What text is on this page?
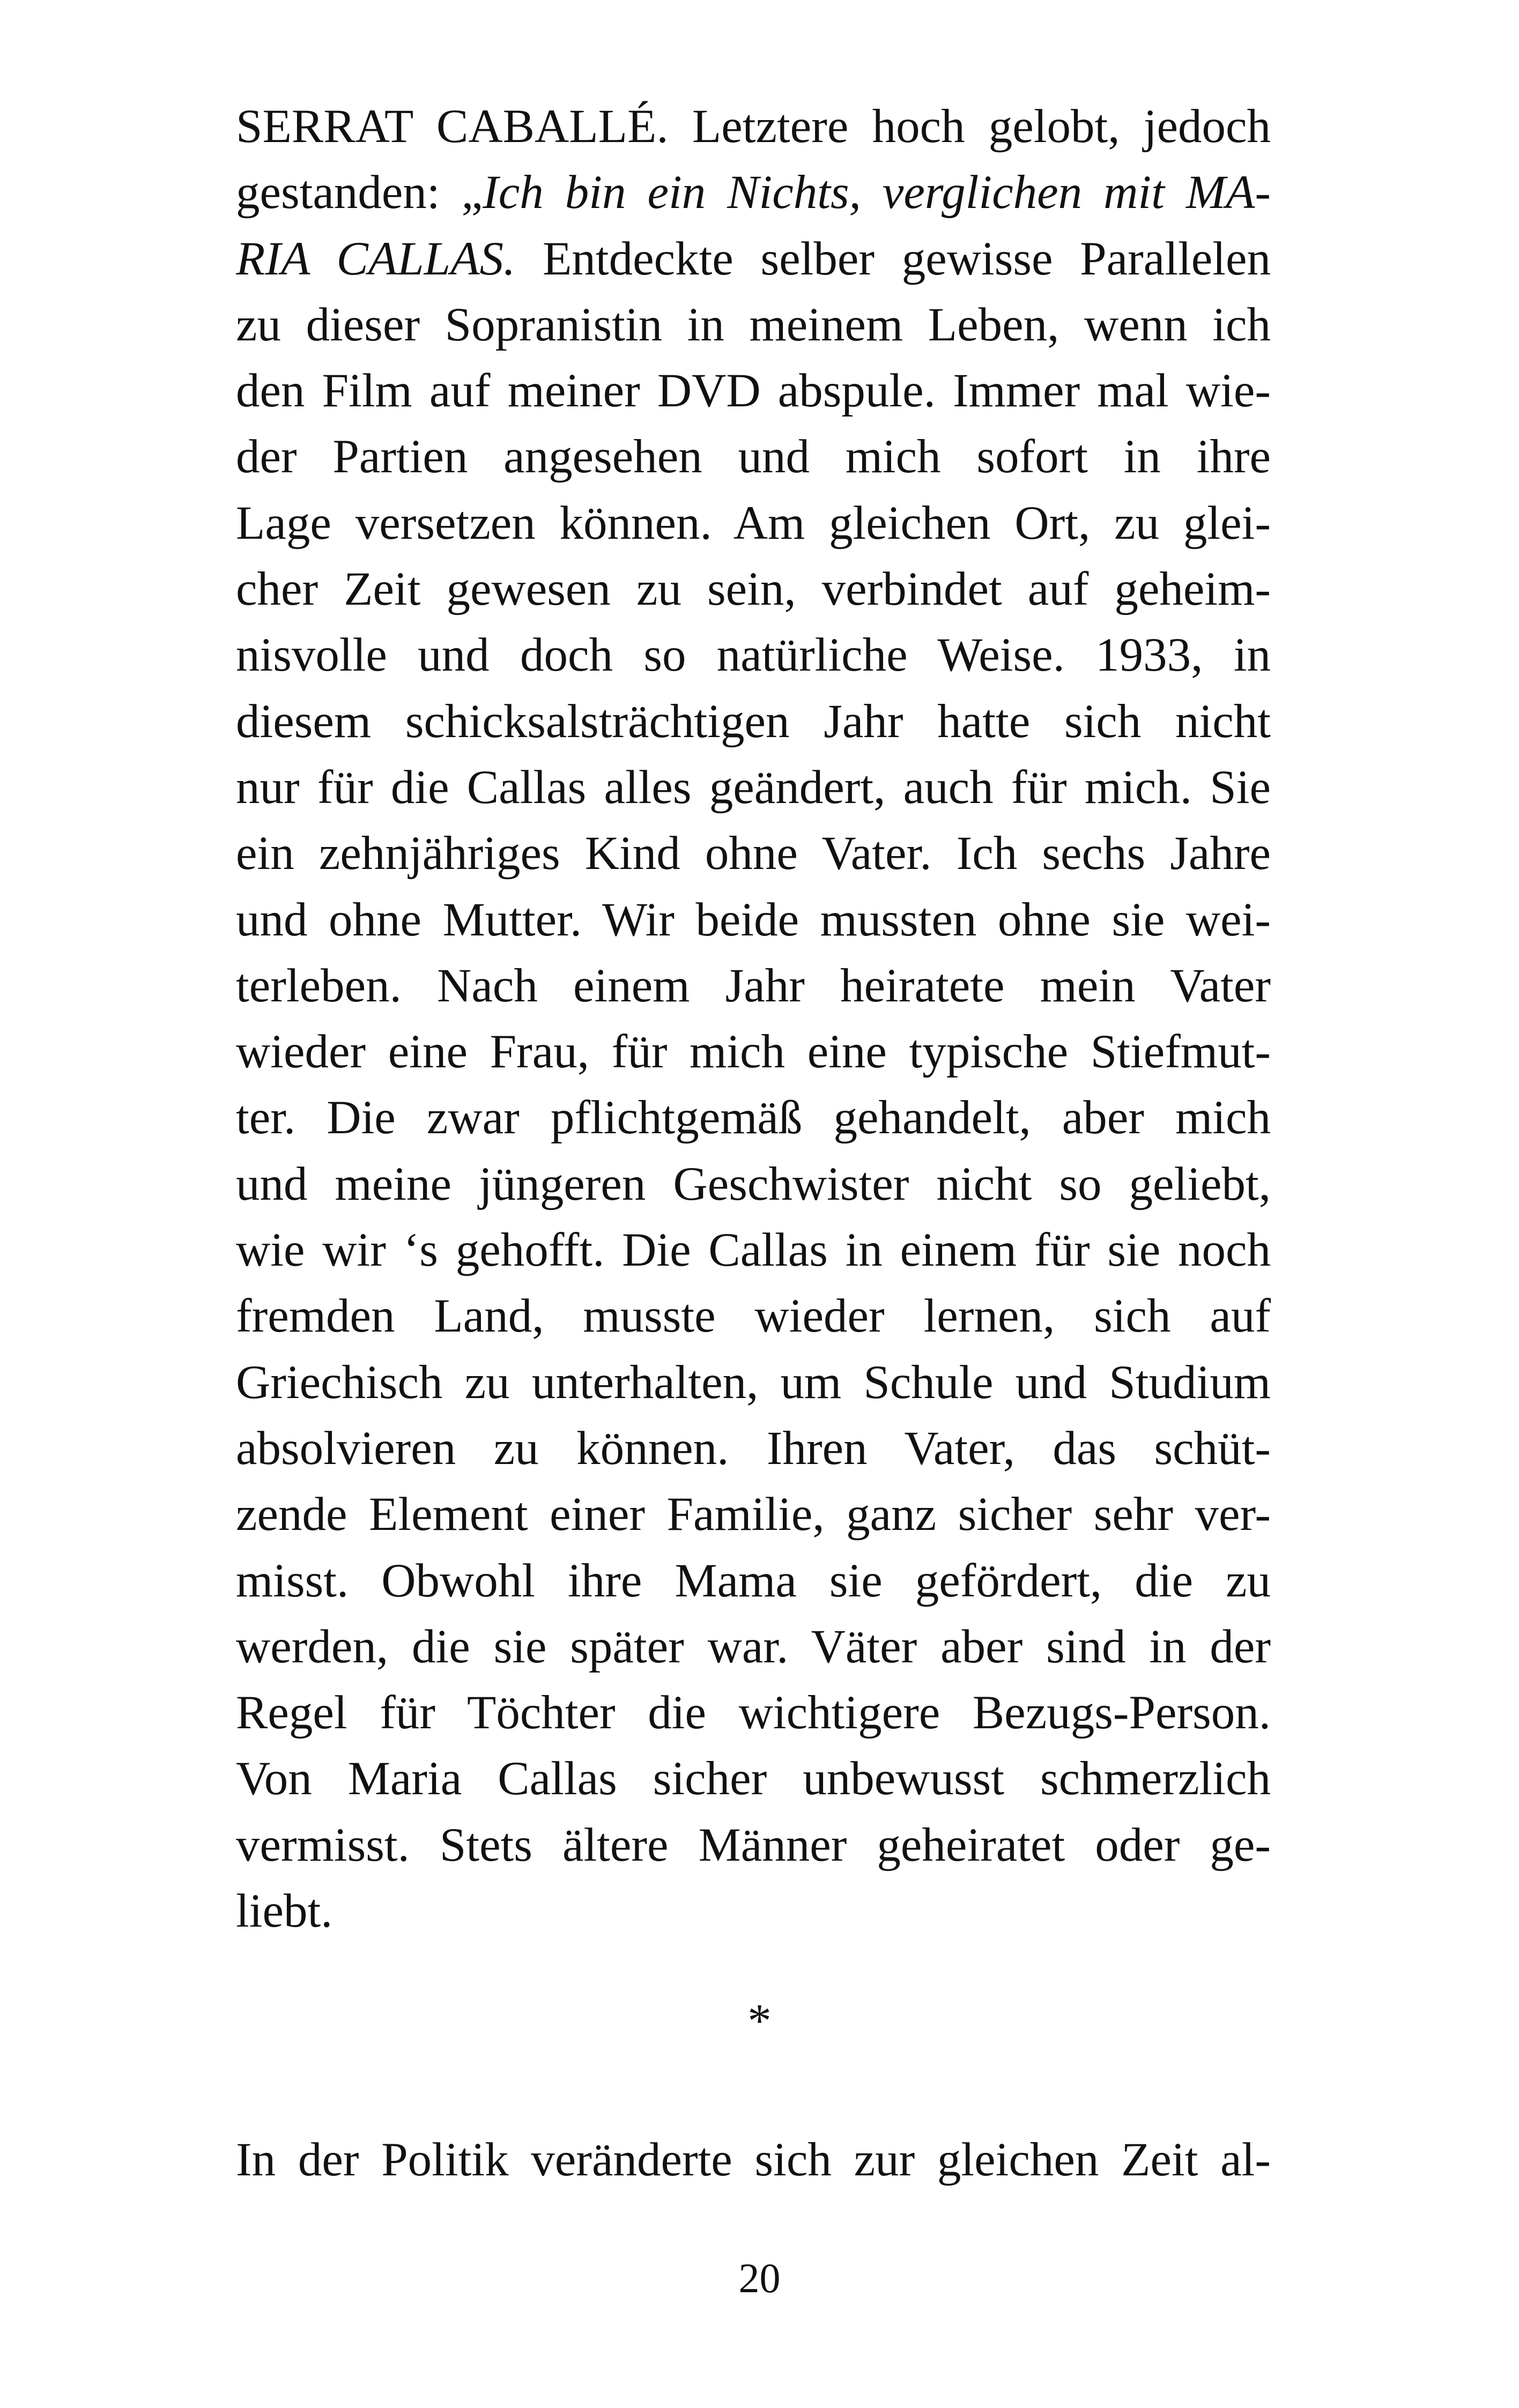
SERRAT CABALLÉ. Letztere hoch gelobt, jedoch
gestanden: „Ich bin ein Nichts, verglichen mit MA-
RIA CALLAS. Entdeckte selber gewisse Parallelen
zu dieser Sopranistin in meinem Leben, wenn ich
den Film auf meiner DVD abspule. Immer mal wie-
der Partien angesehen und mich sofort in ihre
Lage versetzen können. Am gleichen Ort, zu glei-
cher Zeit gewesen zu sein, verbindet auf geheim-
nisvolle und doch so natürliche Weise. 1933, in
diesem schicksalsträchtigen Jahr hatte sich nicht
nur für die Callas alles geändert, auch für mich. Sie
ein zehnjähriges Kind ohne Vater. Ich sechs Jahre
und ohne Mutter. Wir beide mussten ohne sie wei-
terleben. Nach einem Jahr heiratete mein Vater
wieder eine Frau, für mich eine typische Stiefmut-
ter. Die zwar pflichtgemäß gehandelt, aber mich
und meine jüngeren Geschwister nicht so geliebt,
wie wir ‘s gehofft. Die Callas in einem für sie noch
fremden Land, musste wieder lernen, sich auf
Griechisch zu unterhalten, um Schule und Studium
absolvieren zu können. Ihren Vater, das schüt-
zende Element einer Familie, ganz sicher sehr ver-
misst. Obwohl ihre Mama sie gefördert, die zu
werden, die sie später war. Väter aber sind in der
Regel für Töchter die wichtigere Bezugs-Person.
Von Maria Callas sicher unbewusst schmerzlich
vermisst. Stets ältere Männer geheiratet oder ge-
liebt.
*
In der Politik veränderte sich zur gleichen Zeit al-
20
